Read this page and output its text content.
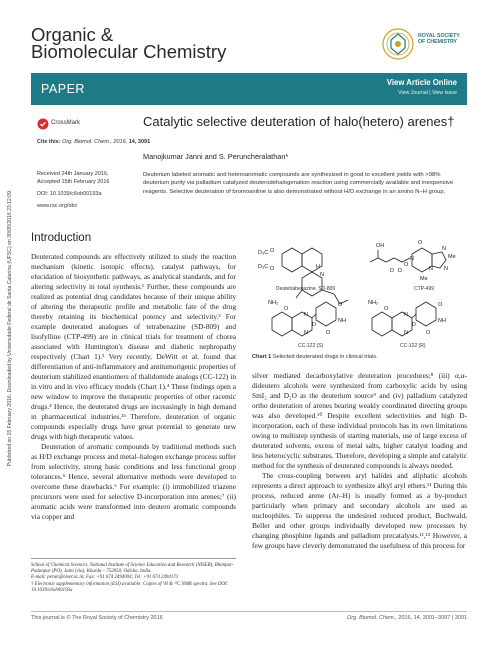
Published on 15 February 2016. Downloaded by Universidade Federal de Santa Catarina (UFSC) on 30/05/2016 23:12:09.
Organic &
Biomolecular Chemistry
ROYAL SOCIETY
OF CHEMISTRY
PAPER	View Article Online
View Journal | View Issue
CrossMark
Cite this: Org. Biomol. Chem., 2016, 14, 3091
Received 24th January 2016,
Accepted 15th February 2016
DOI: 10.1039/c6ob00193a
www.rsc.org/obc
Catalytic selective deuteration of halo(hetero) arenes†
Manojkumar Janni and S. Peruncheralathan*
Deuterium labeled aromatic and heteroaromatic compounds are synthesized in good to excellent yields with >98% deuterium purity via palladium catalyzed deuterodehalogenation reaction using commercially available and inexpensive reagents. Selective deuteration of bromoaniline is also demonstrated without H/D exchange in an amino N–H group.
Introduction

Deuterated compounds are effectively utilized to study the reaction mechanism (kinetic isotopic effects), catalyst pathways, for elucidation of biosynthetic pathways, as analytical standards, and for altering selectivity in total synthesis.¹ Further, these compounds are realized as potential drug candidates because of their unique ability of altering the therapeutic profile and metabolic fate of the drug thereby retaining its biochemical potency and selectivity.² For example deuterated analogues of tetrabenazine (SD-809) and lisofylline (CTP-499) are in clinical trials for treatment of chorea associated with Huntington's disease and diabetic nephropathy respectively (Chart 1).³ Very recently, DeWitt et al. found that differentiation of anti-inflammatory and antitumorigenic properties of deuterium stabilized enantiomers of thalidomide analogs (CC-122) in in vitro and in vivo efficacy models (Chart 1).⁴ These findings open a new window to improve the therapeutic properties of other racemic drugs.⁴ Hence, the deuterated drugs are increasingly in high demand in pharmaceutical industries.²ᵇ Therefore, deuteration of organic compounds especially drugs have great potential to generate new drugs with high therapeutic values.

Deuteration of aromatic compounds by traditional methods such as H/D exchange process and metal–halogen exchange process suffer from selectivity, strong basic conditions and less functional group tolerances.⁵ Hence, several alternative methods were developed to overcome these drawbacks.⁶ For example: (i) immobilized triazene precursors were used for selective D-incorporation into arenes;⁷ (ii) aromatic acids were transformed into deutero aromatic compounds via copper and

School of Chemical Sciences, National Institute of Science Education and Research (NISER), Bhimpur-Padanpur (PO), Jatni (via), Khurda – 752050, Odisha, India.
E-mail: perun@niser.ac.in; Fax: +91 674 2494004; Tel: +91 674 2494173
† Electronic supplementary information (ESI) available: Copies of ¹H & ¹³C NMR spectra. See DOI: 10.1039/c6ob00193a
D₃C
D₃C
O
O
N
H
OH
D D
O
O
N
N
N
N
Me
Me
NH₂
O
N
N
D
O
NH
O
NH₂
O
N
N
D
O
NH
O
Deutetrabenazine, SD-809	CTP-499
CC-122 (S)	CC-122 (R)
Chart 1 Selected deuterated drugs in clinical trials.

silver mediated decarboxylative deuteration procedures;⁸ (iii) α,α-dideutero alcohols were synthesized from carboxylic acids by using SmI₂ and D₂O as the deuterium source⁹ and (iv) palladium catalyzed ortho deuteration of arenes bearing weakly coordinated directing groups was also developed.¹⁰ Despite excellent selectivities and high D-incorporation, each of these individual protocols has its own limitations owing to multistep synthesis of starting materials, use of large excess of deuterated solvents, excess of metal salts, higher catalyst loading and less heterocyclic substrates. Therefore, developing a simple and catalytic method for the synthesis of deuterated compounds is always needed.

The cross-coupling between aryl halides and aliphatic alcohols represents a direct approach to synthesize alkyl aryl ethers.¹¹ During this process, reduced arene (Ar–H) is usually formed as a by-product particularly when primary and secondary alcohols are used as nucleophiles. To suppress the undesired reduced product, Buchwald, Beller and other groups individually developed new processes by changing phosphine ligands and palladium precatalysts.¹¹,¹² However, a few groups have cleverly demonstrated the usefulness of this process for

This journal is © The Royal Society of Chemistry 2016	Org. Biomol. Chem., 2016, 14, 3091–3097 | 3091
